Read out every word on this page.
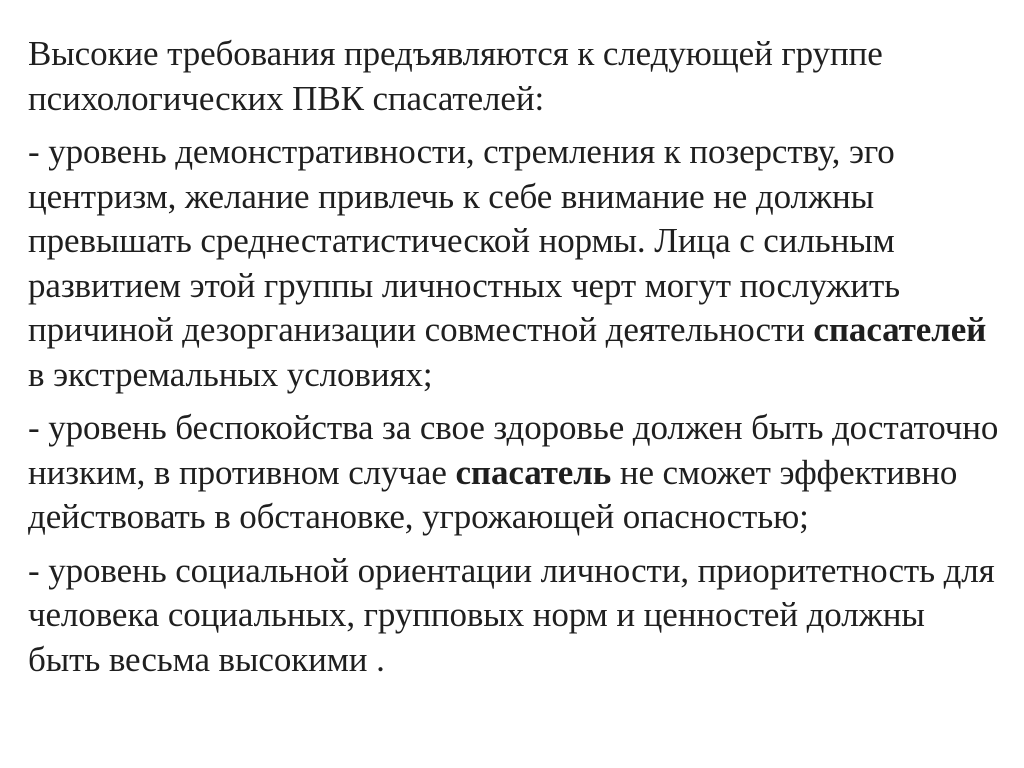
Высокие требования предъявляются к следующей группе психологических ПВК спасателей:

- уровень демонстративности, стремления к позерству, эго центризм, желание привлечь к себе внимание не должны превышать среднестатистической нормы. Лица с сильным развитием этой группы личностных черт могут послужить причиной дезорганизации совместной деятельности спасателей в экстремальных условиях;

- уровень беспокойства за свое здоровье должен быть достаточно низким, в противном случае спасатель не сможет эффективно действовать в обстановке, угрожающей опасностью;

- уровень социальной ориентации личности, приоритетность для человека социальных, групповых норм и ценностей должны быть весьма высокими .
